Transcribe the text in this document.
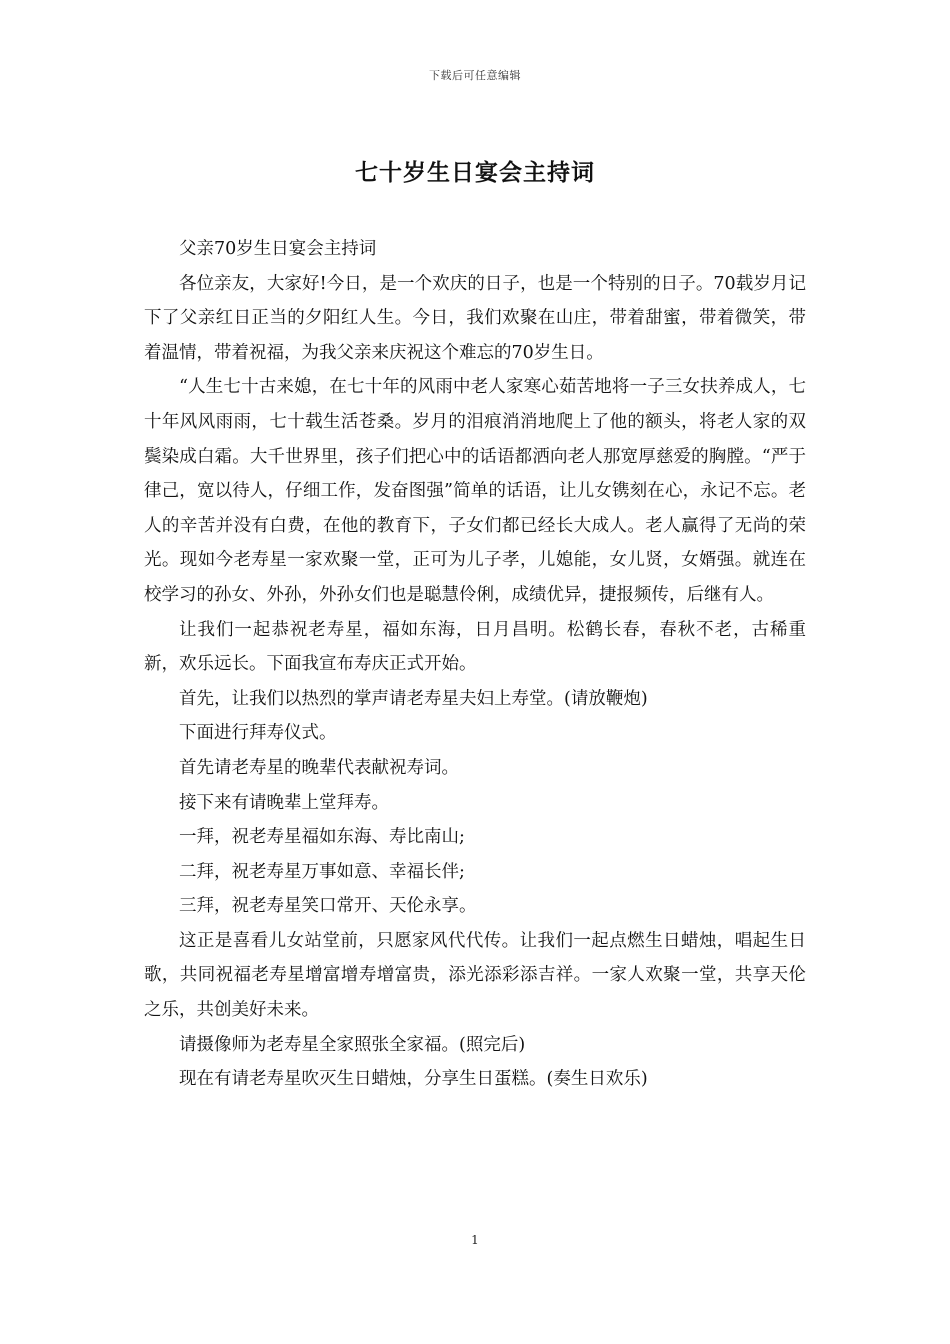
下载后可任意编辑
七十岁生日宴会主持词

父亲70岁生日宴会主持词

各位亲友，大家好!今日，是一个欢庆的日子，也是一个特别的日子。70载岁月记下了父亲红日正当的夕阳红人生。今日，我们欢聚在山庄，带着甜蜜，带着微笑，带着温情，带着祝福，为我父亲来庆祝这个难忘的70岁生日。

“人生七十古来媳，在七十年的风雨中老人家寒心茹苦地将一子三女扶养成人，七十年风风雨雨，七十载生活苍桑。岁月的泪痕消消地爬上了他的额头，将老人家的双鬓染成白霜。大千世界里，孩子们把心中的话语都洒向老人那宽厚慈爱的胸膛。“严于律己，宽以待人，仔细工作，发奋图强”简单的话语，让儿女镌刻在心，永记不忘。老人的辛苦并没有白费，在他的教育下，子女们都已经长大成人。老人赢得了无尚的荣光。现如今老寿星一家欢聚一堂，正可为儿子孝，儿媳能，女儿贤，女婿强。就连在校学习的孙女、外孙，外孙女们也是聪慧伶俐，成绩优异，捷报频传，后继有人。

让我们一起恭祝老寿星，福如东海，日月昌明。松鹤长春，春秋不老，古稀重新，欢乐远长。下面我宣布寿庆正式开始。

首先，让我们以热烈的掌声请老寿星夫妇上寿堂。(请放鞭炮)

下面进行拜寿仪式。

首先请老寿星的晚辈代表献祝寿词。

接下来有请晚辈上堂拜寿。

一拜，祝老寿星福如东海、寿比南山;

二拜，祝老寿星万事如意、幸福长伴;

三拜，祝老寿星笑口常开、天伦永享。

这正是喜看儿女站堂前，只愿家风代代传。让我们一起点燃生日蜡烛，唱起生日歌，共同祝福老寿星增富增寿增富贵，添光添彩添吉祥。一家人欢聚一堂，共享天伦之乐，共创美好未来。

请摄像师为老寿星全家照张全家福。(照完后)

现在有请老寿星吹灭生日蜡烛，分享生日蛋糕。(奏生日欢乐)

1
